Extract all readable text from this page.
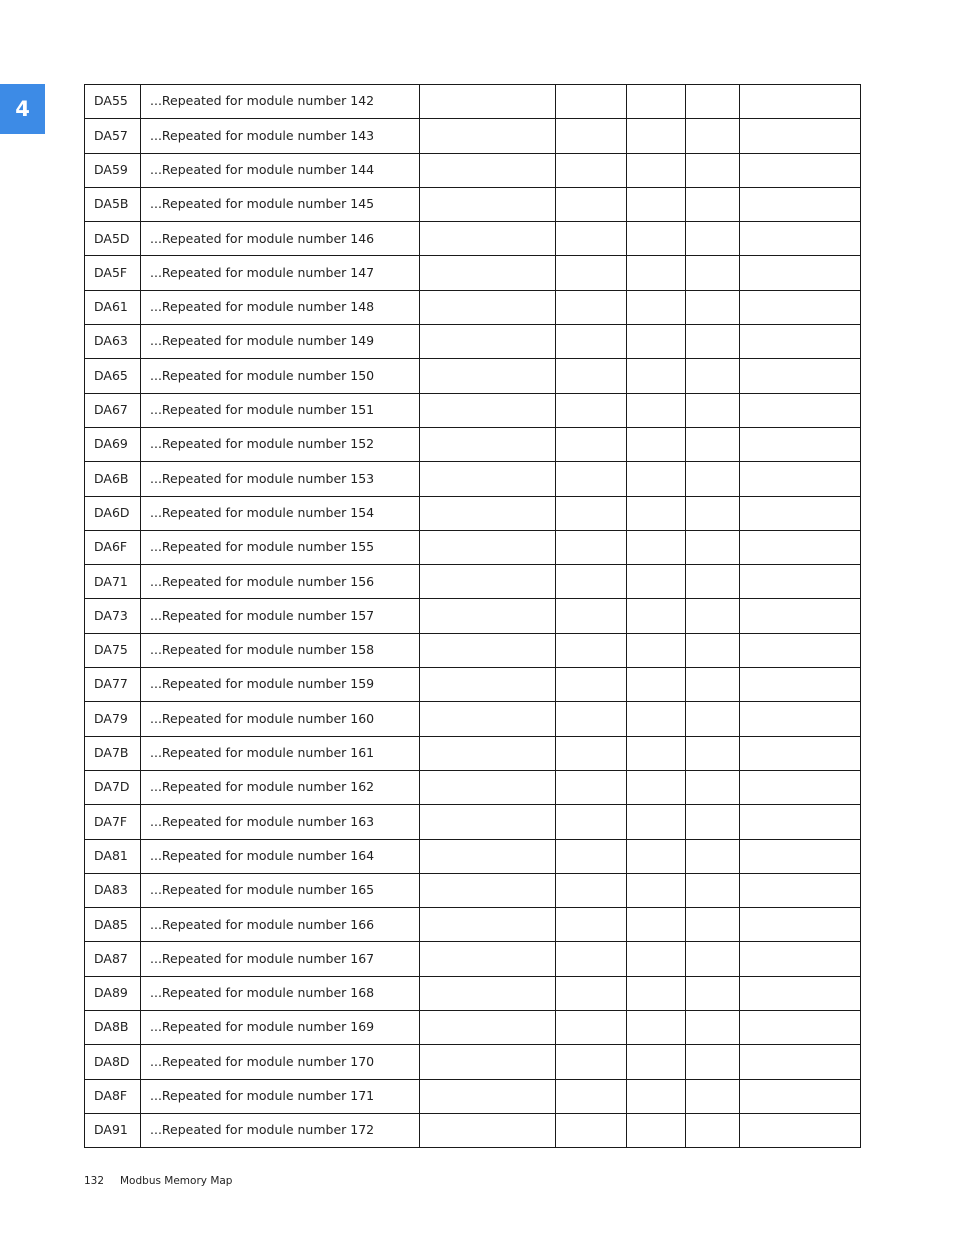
4	DA55	...Repeated for module number 142					
DA57	...Repeated for module number 143					
DA59	...Repeated for module number 144					
DA5B	...Repeated for module number 145					
DA5D	...Repeated for module number 146					
DA5F	...Repeated for module number 147					
DA61	...Repeated for module number 148					
DA63	...Repeated for module number 149					
DA65	...Repeated for module number 150					
DA67	...Repeated for module number 151					
DA69	...Repeated for module number 152					
DA6B	...Repeated for module number 153					
DA6D	...Repeated for module number 154					
DA6F	...Repeated for module number 155					
DA71	...Repeated for module number 156					
DA73	...Repeated for module number 157					
DA75	...Repeated for module number 158					
DA77	...Repeated for module number 159					
DA79	...Repeated for module number 160					
DA7B	...Repeated for module number 161					
DA7D	...Repeated for module number 162					
DA7F	...Repeated for module number 163					
DA81	...Repeated for module number 164					
DA83	...Repeated for module number 165					
DA85	...Repeated for module number 166					
DA87	...Repeated for module number 167					
DA89	...Repeated for module number 168					
DA8B	...Repeated for module number 169					
DA8D	...Repeated for module number 170					
DA8F	...Repeated for module number 171					
DA91	...Repeated for module number 172					
132 Modbus Memory Map
